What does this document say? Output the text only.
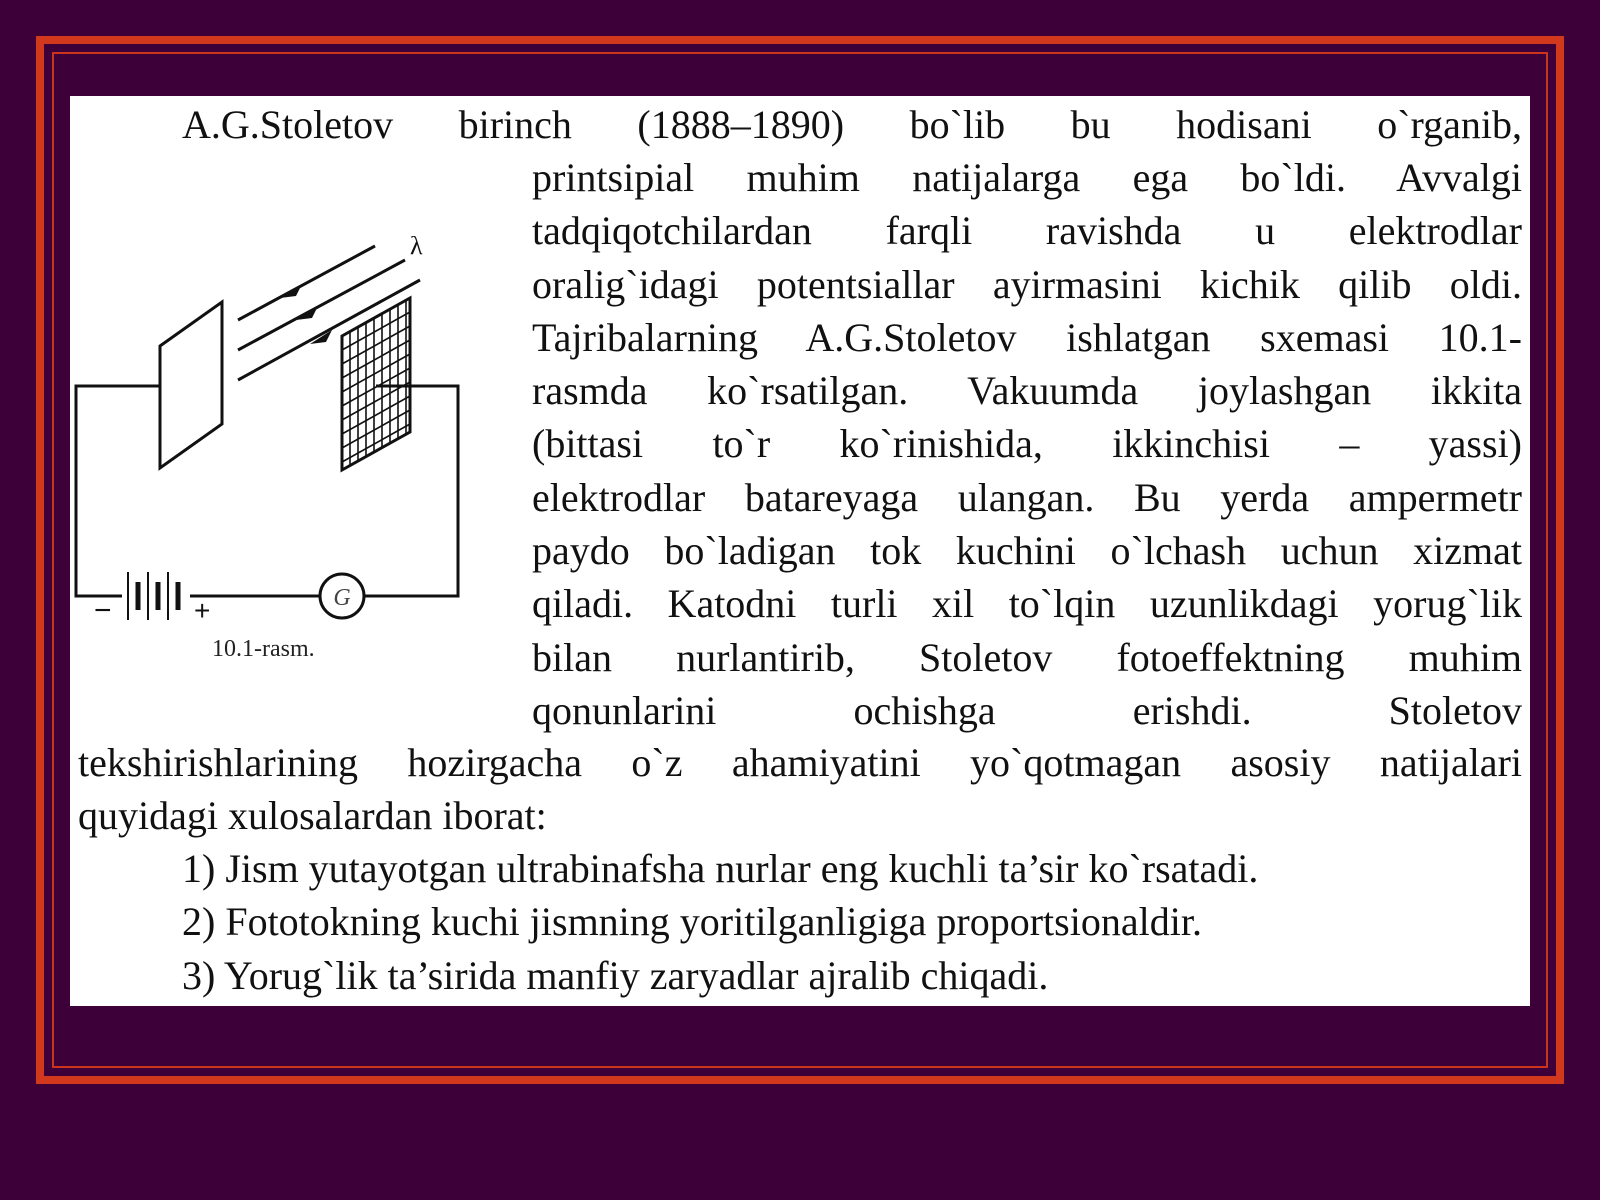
A.G.Stoletov birinch (1888–1890) bo`lib bu hodisani o`rganib,
printsipial muhim natijalarga ega bo`ldi. Avvalgi
tadqiqotchilardan farqli ravishda u elektrodlar
oralig`idagi potentsiallar ayirmasini kichik qilib oldi.
Tajribalarning A.G.Stoletov ishlatgan sxemasi 10.1-
rasmda ko`rsatilgan. Vakuumda joylashgan ikkita
(bittasi to`r ko`rinishida, ikkinchisi – yassi)
elektrodlar batareyaga ulangan. Bu yerda ampermetr
paydo bo`ladigan tok kuchini o`lchash uchun xizmat
qiladi. Katodni turli xil to`lqin uzunlikdagi yorug`lik
bilan nurlantirib, Stoletov fotoeffektning muhim
qonunlarini ochishga erishdi. Stoletov
tekshirishlarining hozirgacha o`z ahamiyatini yo`qotmagan asosiy natijalari
quyidagi xulosalardan iborat:
1) Jism yutayotgan ultrabinafsha nurlar eng kuchli ta’sir ko`rsatadi.
2) Fototokning kuchi jismning yoritilganligiga proportsionaldir.
3) Yorug`lik ta’sirida manfiy zaryadlar ajralib chiqadi.
G
λ
−	+
10.1-rasm.
